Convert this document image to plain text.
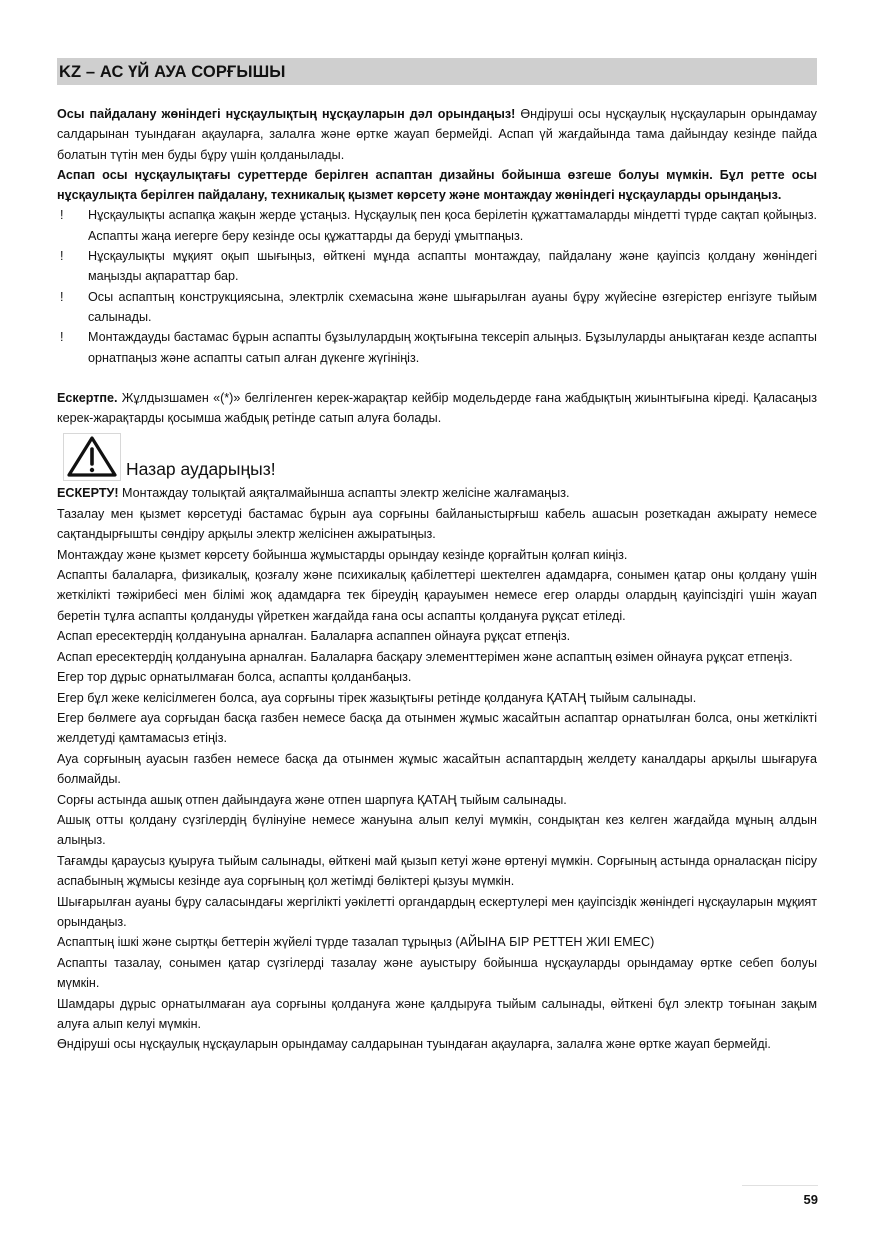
KZ – АС ҮЙ АУА СОРҒЫШЫ

Осы пайдалану жөніндегі нұсқаулықтың нұсқауларын дәл орындаңыз! Өндіруші осы нұсқаулық нұсқауларын орындамау салдарынан туындаған ақауларға, залалға және өртке жауап бермейді. Аспап үй жағдайында тама дайындау кезінде пайда болатын түтін мен буды бұру үшін қолданылады.

Аспап осы нұсқаулықтағы суреттерде берілген аспаптан дизайны бойынша өзгеше болуы мүмкін. Бұл ретте осы нұсқаулықта берілген пайдалану, техникалық қызмет көрсету және монтаждау жөніндегі нұсқауларды орындаңыз.

! Нұсқаулықты аспапқа жақын жерде ұстаңыз. Нұсқаулық пен қоса берілетін құжаттамаларды міндетті түрде сақтап қойыңыз. Аспапты жаңа иегерге беру кезінде осы құжаттарды да беруді ұмытпаңыз.
! Нұсқаулықты мұқият оқып шығыңыз, өйткені мұнда аспапты монтаждау, пайдалану және қауіпсіз қолдану жөніндегі маңызды ақпараттар бар.
! Осы аспаптың конструкциясына, электрлік схемасына және шығарылған ауаны бұру жүйесіне өзгерістер енгізуге тыйым салынады.
! Монтаждауды бастамас бұрын аспапты бұзылулардың жоқтығына тексеріп алыңыз. Бұзылуларды анықтаған кезде аспапты орнатпаңыз және аспапты сатып алған дүкенге жүгініңіз.

Ескертпе. Жұлдызшамен «(*)» белгіленген керек-жарақтар кейбір модельдерде ғана жабдықтың жиынтығына кіреді. Қаласаңыз керек-жарақтарды қосымша жабдық ретінде сатып алуға болады.

Назар аударыңыз!

ЕСКЕРТУ! Монтаждау толықтай аяқталмайынша аспапты электр желісіне жалғамаңыз.

Тазалау мен қызмет көрсетуді бастамас бұрын ауа сорғыны байланыстырғыш кабель ашасын розеткадан ажырату немесе сақтандырғышты сөндіру арқылы электр желісінен ажыратыңыз.

Монтаждау және қызмет көрсету бойынша жұмыстарды орындау кезінде қорғайтын қолғап киіңіз.

Аспапты балаларға, физикалық, қозғалу және психикалық қабілеттері шектелген адамдарға, сонымен қатар оны қолдану үшін жеткілікті тәжірибесі мен білімі жоқ адамдарға тек біреудің қарауымен немесе егер оларды олардың қауіпсіздігі үшін жауап беретін тұлға аспапты қолдануды үйреткен жағдайда ғана осы аспапты қолдануға рұқсат етіледі.

Аспап ересектердің қолдануына арналған. Балаларға аспаппен ойнауға рұқсат етпеңіз.

Аспап ересектердің қолдануына арналған. Балаларға басқару элементтерімен және аспаптың өзімен ойнауға рұқсат етпеңіз.

Егер тор дұрыс орнатылмаған болса, аспапты қолданбаңыз.

Егер бұл жеке келісілмеген болса, ауа сорғыны тірек жазықтығы ретінде қолдануға ҚАТАҢ тыйым салынады.

Егер бөлмеге ауа сорғыдан басқа газбен немесе басқа да отынмен жұмыс жасайтын аспаптар орнатылған болса, оны жеткілікті желдетуді қамтамасыз етіңіз.

Ауа сорғының ауасын газбен немесе басқа да отынмен жұмыс жасайтын аспаптардың желдету каналдары арқылы шығаруға болмайды.

Сорғы астында ашық отпен дайындауға және отпен шарпуға ҚАТАҢ тыйым салынады.

Ашық отты қолдану сүзгілердің бүлінуіне немесе жануына алып келуі мүмкін, сондықтан кез келген жағдайда мұның алдын алыңыз.

Тағамды қараусыз қуыруға тыйым салынады, өйткені май қызып кетуі және өртенуі мүмкін. Сорғының астында орналасқан пісіру аспабының жұмысы кезінде ауа сорғының қол жетімді бөліктері қызуы мүмкін.

Шығарылған ауаны бұру саласындағы жергілікті уәкілетті органдардың ескертулері мен қауіпсіздік жөніндегі нұсқауларын мұқият орындаңыз.

Аспаптың ішкі және сыртқы беттерін жүйелі түрде тазалап тұрыңыз (АЙЫНА БІР РЕТТЕН ЖИІ ЕМЕС)

Аспапты тазалау, сонымен қатар сүзгілерді тазалау және ауыстыру бойынша нұсқауларды орындамау өртке себеп болуы мүмкін.

Шамдары дұрыс орнатылмаған ауа сорғыны қолдануға және қалдыруға тыйым салынады, өйткені бұл электр тоғынан зақым алуға алып келуі мүмкін.

Өндіруші осы нұсқаулық нұсқауларын орындамау салдарынан туындаған ақауларға, залалға және өртке жауап бермейді.

59
